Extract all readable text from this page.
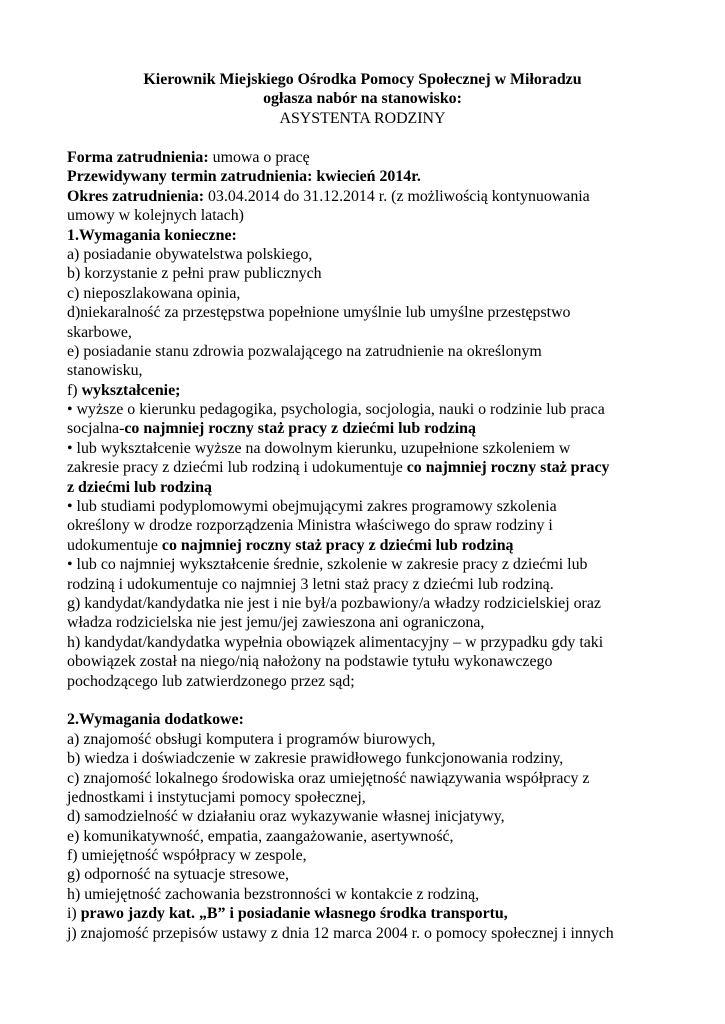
Kierownik Miejskiego Ośrodka Pomocy Społecznej w Miłoradzu
ogłasza nabór na stanowisko:
ASYSTENTA RODZINY
Forma zatrudnienia: umowa o pracę
Przewidywany termin zatrudnienia: kwiecień 2014r.
Okres zatrudnienia: 03.04.2014 do 31.12.2014 r. (z możliwością kontynuowania
umowy w kolejnych latach)
1.Wymagania konieczne:
a) posiadanie obywatelstwa polskiego,
b) korzystanie z pełni praw publicznych
c) nieposzlakowana opinia,
d)niekaralność za przestępstwa popełnione umyślnie lub umyślne przestępstwo
skarbowe,
e) posiadanie stanu zdrowia pozwalającego na zatrudnienie na określonym
stanowisku,
f) wykształcenie;
• wyższe o kierunku pedagogika, psychologia, socjologia, nauki o rodzinie lub praca
socjalna-co najmniej roczny staż pracy z dziećmi lub rodziną
• lub wykształcenie wyższe na dowolnym kierunku, uzupełnione szkoleniem w
zakresie pracy z dziećmi lub rodziną i udokumentuje co najmniej roczny staż pracy
z dziećmi lub rodziną
• lub studiami podyplomowymi obejmującymi zakres programowy szkolenia
określony w drodze rozporządzenia Ministra właściwego do spraw rodziny i
udokumentuje co najmniej roczny staż pracy z dziećmi lub rodziną
• lub co najmniej wykształcenie średnie, szkolenie w zakresie pracy z dziećmi lub
rodziną i udokumentuje co najmniej 3 letni staż pracy z dziećmi lub rodziną.
g) kandydat/kandydatka nie jest i nie był/a pozbawiony/a władzy rodzicielskiej oraz
władza rodzicielska nie jest jemu/jej zawieszona ani ograniczona,
h) kandydat/kandydatka wypełnia obowiązek alimentacyjny – w przypadku gdy taki
obowiązek został na niego/nią nałożony na podstawie tytułu wykonawczego
pochodzącego lub zatwierdzonego przez sąd;
2.Wymagania dodatkowe:
a) znajomość obsługi komputera i programów biurowych,
b) wiedza i doświadczenie w zakresie prawidłowego funkcjonowania rodziny,
c) znajomość lokalnego środowiska oraz umiejętność nawiązywania współpracy z
jednostkami i instytucjami pomocy społecznej,
d) samodzielność w działaniu oraz wykazywanie własnej inicjatywy,
e) komunikatywność, empatia, zaangażowanie, asertywność,
f) umiejętność współpracy w zespole,
g) odporność na sytuacje stresowe,
h) umiejętność zachowania bezstronności w kontakcie z rodziną,
i) prawo jazdy kat. „B” i posiadanie własnego środka transportu,
j) znajomość przepisów ustawy z dnia 12 marca 2004 r. o pomocy społecznej i innych
